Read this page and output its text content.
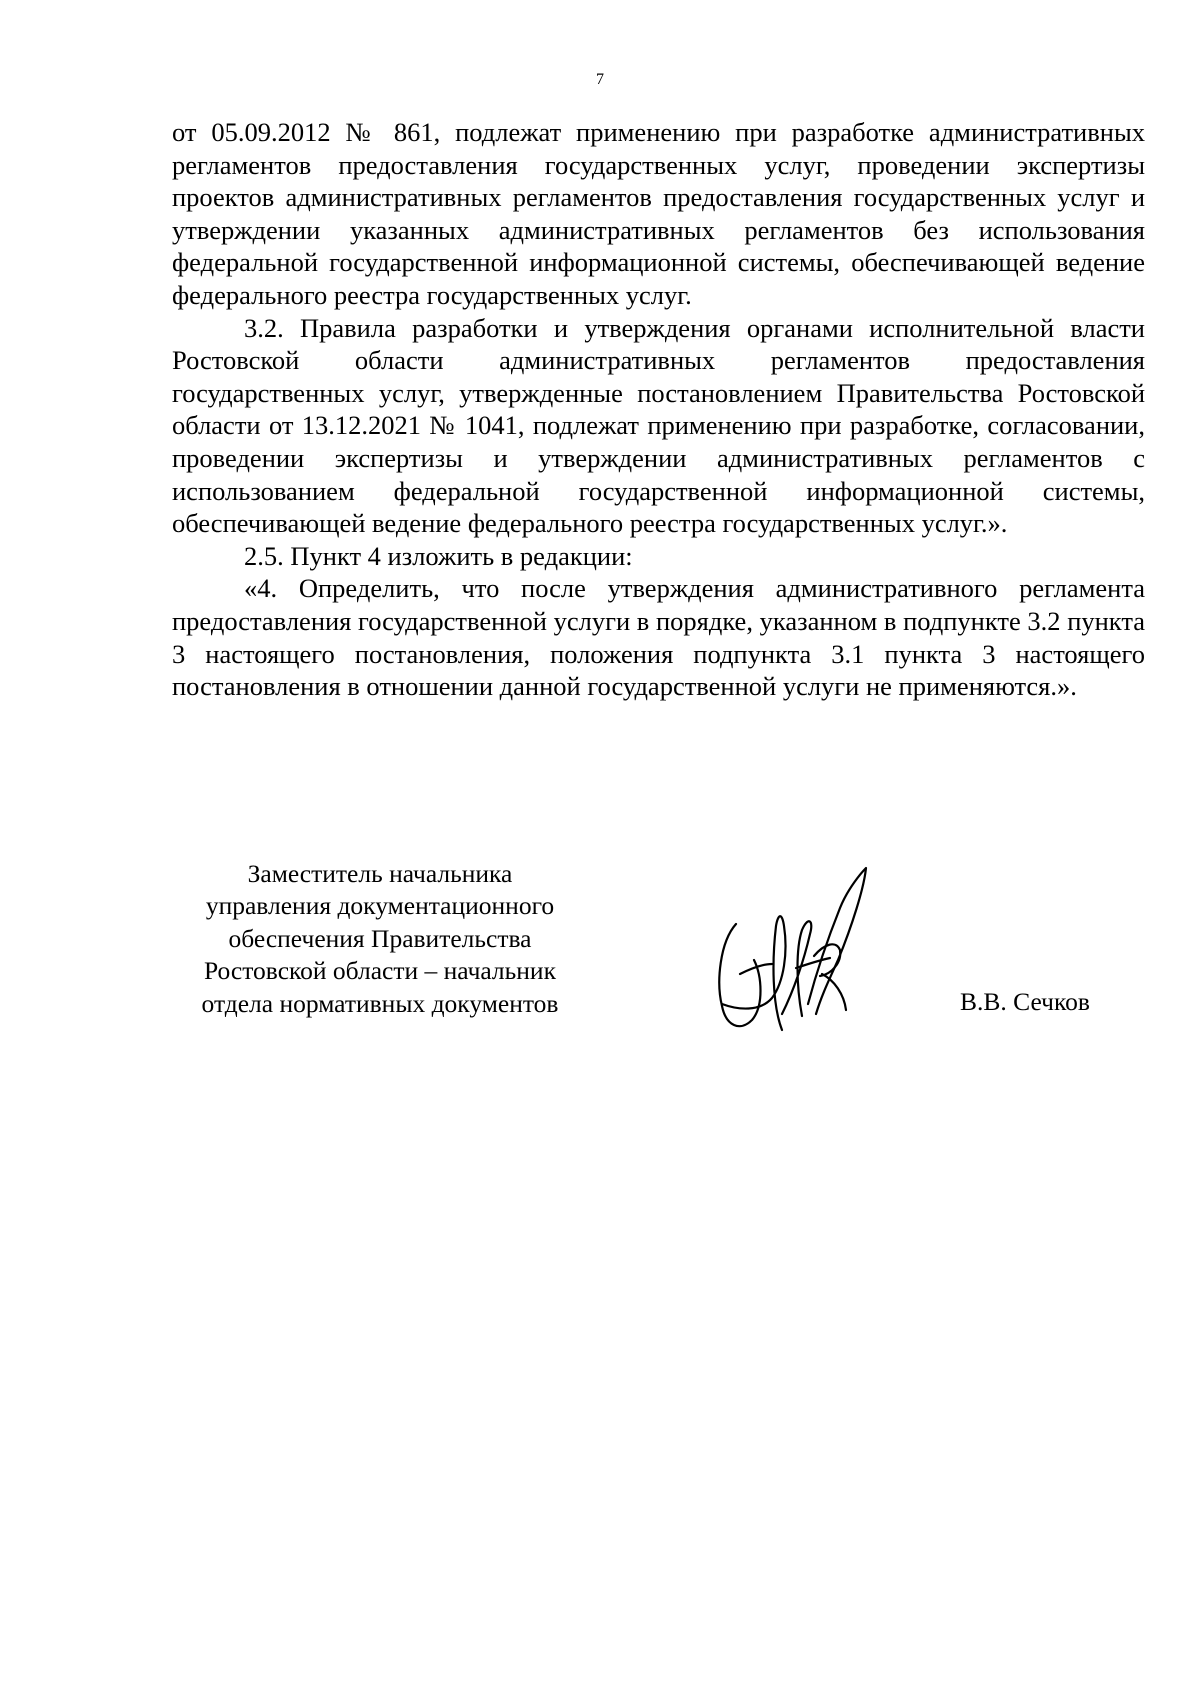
7

от 05.09.2012 № 861, подлежат применению при разработке административных регламентов предоставления государственных услуг, проведении экспертизы проектов административных регламентов предоставления государственных услуг и утверждении указанных административных регламентов без использования федеральной государственной информационной системы, обеспечивающей ведение федерального реестра государственных услуг.

3.2. Правила разработки и утверждения органами исполнительной власти Ростовской области административных регламентов предоставления государственных услуг, утвержденные постановлением Правительства Ростовской области от 13.12.2021 № 1041, подлежат применению при разработке, согласовании, проведении экспертизы и утверждении административных регламентов с использованием федеральной государственной информационной системы, обеспечивающей ведение федерального реестра государственных услуг.».

2.5. Пункт 4 изложить в редакции:

«4. Определить, что после утверждения административного регламента предоставления государственной услуги в порядке, указанном в подпункте 3.2 пункта 3 настоящего постановления, положения подпункта 3.1 пункта 3 настоящего постановления в отношении данной государственной услуги не применяются.».

Заместитель начальника
управления документационного
обеспечения Правительства
Ростовской области – начальник
отдела нормативных документов	В.В. Сечков
